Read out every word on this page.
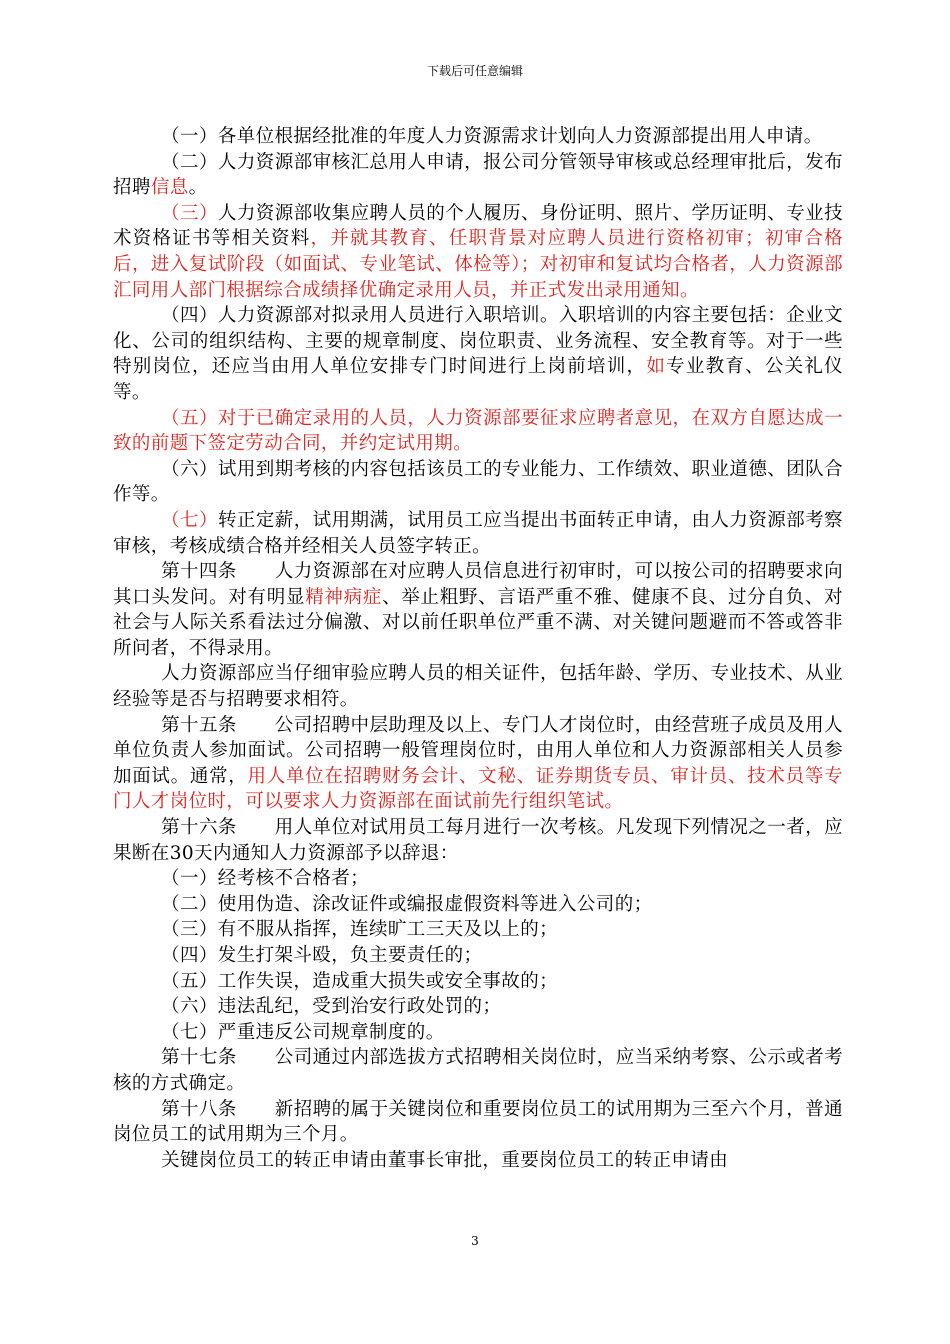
下载后可任意编辑

（一）各单位根据经批准的年度人力资源需求计划向人力资源部提出用人申请。

（二）人力资源部审核汇总用人申请，报公司分管领导审核或总经理审批后，发布招聘信息。

（三）人力资源部收集应聘人员的个人履历、身份证明、照片、学历证明、专业技术资格证书等相关资料，并就其教育、任职背景对应聘人员进行资格初审；初审合格后，进入复试阶段（如面试、专业笔试、体检等）；对初审和复试均合格者，人力资源部汇同用人部门根据综合成绩择优确定录用人员，并正式发出录用通知。

（四）人力资源部对拟录用人员进行入职培训。入职培训的内容主要包括：企业文化、公司的组织结构、主要的规章制度、岗位职责、业务流程、安全教育等。对于一些特别岗位，还应当由用人单位安排专门时间进行上岗前培训，如专业教育、公关礼仪等。

（五）对于已确定录用的人员，人力资源部要征求应聘者意见，在双方自愿达成一致的前题下签定劳动合同，并约定试用期。

（六）试用到期考核的内容包括该员工的专业能力、工作绩效、职业道德、团队合作等。

（七）转正定薪，试用期满，试用员工应当提出书面转正申请，由人力资源部考察审核，考核成绩合格并经相关人员签字转正。

第十四条　　人力资源部在对应聘人员信息进行初审时，可以按公司的招聘要求向其口头发问。对有明显精神病症、举止粗野、言语严重不雅、健康不良、过分自负、对社会与人际关系看法过分偏激、对以前任职单位严重不满、对关键问题避而不答或答非所问者，不得录用。

人力资源部应当仔细审验应聘人员的相关证件，包括年龄、学历、专业技术、从业经验等是否与招聘要求相符。

第十五条　　公司招聘中层助理及以上、专门人才岗位时，由经营班子成员及用人单位负责人参加面试。公司招聘一般管理岗位时，由用人单位和人力资源部相关人员参加面试。通常，用人单位在招聘财务会计、文秘、证券期货专员、审计员、技术员等专门人才岗位时，可以要求人力资源部在面试前先行组织笔试。

第十六条　　用人单位对试用员工每月进行一次考核。凡发现下列情况之一者，应果断在30天内通知人力资源部予以辞退：

（一）经考核不合格者；

（二）使用伪造、涂改证件或编报虚假资料等进入公司的；

（三）有不服从指挥，连续旷工三天及以上的；

（四）发生打架斗殴，负主要责任的；

（五）工作失误，造成重大损失或安全事故的；

（六）违法乱纪，受到治安行政处罚的；

（七）严重违反公司规章制度的。

第十七条　　公司通过内部选拔方式招聘相关岗位时，应当采纳考察、公示或者考核的方式确定。

第十八条　　新招聘的属于关键岗位和重要岗位员工的试用期为三至六个月，普通岗位员工的试用期为三个月。

关键岗位员工的转正申请由董事长审批，重要岗位员工的转正申请由

3
